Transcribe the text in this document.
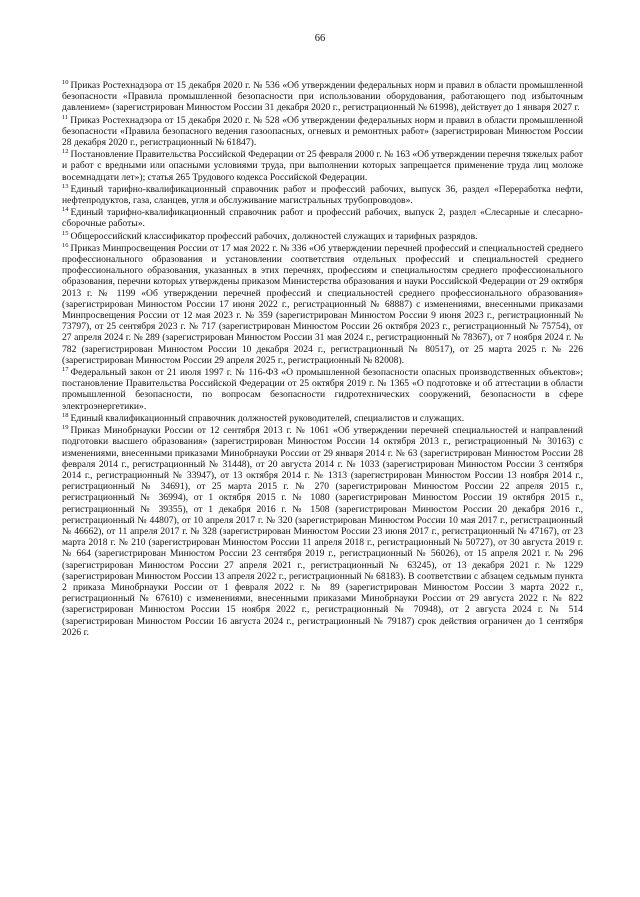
66

$^{10}$ Приказ Ростехнадзора от 15 декабря 2020 г. № 536 «Об утверждении федеральных норм и правил в области промышленной безопасности «Правила промышленной безопасности при использовании оборудования, работающего под избыточным давлением» (зарегистрирован Минюстом России 31 декабря 2020 г., регистрационный № 61998), действует до 1 января 2027 г.

$^{11}$ Приказ Ростехнадзора от 15 декабря 2020 г. № 528 «Об утверждении федеральных норм и правил в области промышленной безопасности «Правила безопасного ведения газоопасных, огневых и ремонтных работ» (зарегистрирован Минюстом России 28 декабря 2020 г., регистрационный № 61847).

$^{12}$ Постановление Правительства Российской Федерации от 25 февраля 2000 г. № 163 «Об утверждении перечня тяжелых работ и работ с вредными или опасными условиями труда, при выполнении которых запрещается применение труда лиц моложе восемнадцати лет»); статья 265 Трудового кодекса Российской Федерации.

$^{13}$ Единый тарифно-квалификационный справочник работ и профессий рабочих, выпуск 36, раздел «Переработка нефти, нефтепродуктов, газа, сланцев, угля и обслуживание магистральных трубопроводов».

$^{14}$ Единый тарифно-квалификационный справочник работ и профессий рабочих, выпуск 2, раздел «Слесарные и слесарно-сборочные работы».

$^{15}$ Общероссийский классификатор профессий рабочих, должностей служащих и тарифных разрядов.

$^{16}$ Приказ Минпросвещения России от 17 мая 2022 г. № 336 «Об утверждении перечней профессий и специальностей среднего профессионального образования и установлении соответствия отдельных профессий и специальностей среднего профессионального образования, указанных в этих перечнях, профессиям и специальностям среднего профессионального образования, перечни которых утверждены приказом Министерства образования и науки Российской Федерации от 29 октября 2013 г. № 1199 «Об утверждении перечней профессий и специальностей среднего профессионального образования» (зарегистрирован Минюстом России 17 июня 2022 г., регистрационный № 68887) с изменениями, внесенными приказами Минпросвещения России от 12 мая 2023 г. № 359 (зарегистрирован Минюстом России 9 июня 2023 г., регистрационный № 73797), от 25 сентября 2023 г. № 717 (зарегистрирован Минюстом России 26 октября 2023 г., регистрационный № 75754), от 27 апреля 2024 г. № 289 (зарегистрирован Минюстом России 31 мая 2024 г., регистрационный № 78367), от 7 ноября 2024 г. № 782 (зарегистрирован Минюстом России 10 декабря 2024 г., регистрационный № 80517), от 25 марта 2025 г. № 226 (зарегистрирован Минюстом России 29 апреля 2025 г., регистрационный № 82008).

$^{17}$ Федеральный закон от 21 июля 1997 г. № 116-ФЗ «О промышленной безопасности опасных производственных объектов»; постановление Правительства Российской Федерации от 25 октября 2019 г. № 1365 «О подготовке и об аттестации в области промышленной безопасности, по вопросам безопасности гидротехнических сооружений, безопасности в сфере электроэнергетики».

$^{18}$ Единый квалификационный справочник должностей руководителей, специалистов и служащих.

$^{19}$ Приказ Минобрнауки России от 12 сентября 2013 г. № 1061 «Об утверждении перечней специальностей и направлений подготовки высшего образования» (зарегистрирован Минюстом России 14 октября 2013 г., регистрационный № 30163) с изменениями, внесенными приказами Минобрнауки России от 29 января 2014 г. № 63 (зарегистрирован Минюстом России 28 февраля 2014 г., регистрационный № 31448), от 20 августа 2014 г. № 1033 (зарегистрирован Минюстом России 3 сентября 2014 г., регистрационный № 33947), от 13 октября 2014 г. № 1313 (зарегистрирован Минюстом России 13 ноября 2014 г., регистрационный № 34691), от 25 марта 2015 г. № 270 (зарегистрирован Минюстом России 22 апреля 2015 г., регистрационный № 36994), от 1 октября 2015 г. № 1080 (зарегистрирован Минюстом России 19 октября 2015 г., регистрационный № 39355), от 1 декабря 2016 г. № 1508 (зарегистрирован Минюстом России 20 декабря 2016 г., регистрационный № 44807), от 10 апреля 2017 г. № 320 (зарегистрирован Минюстом России 10 мая 2017 г., регистрационный № 46662), от 11 апреля 2017 г. № 328 (зарегистрирован Минюстом России 23 июня 2017 г., регистрационный № 47167), от 23 марта 2018 г. № 210 (зарегистрирован Минюстом России 11 апреля 2018 г., регистрационный № 50727), от 30 августа 2019 г. № 664 (зарегистрирован Минюстом России 23 сентября 2019 г., регистрационный № 56026), от 15 апреля 2021 г. № 296 (зарегистрирован Минюстом России 27 апреля 2021 г., регистрационный № 63245), от 13 декабря 2021 г. № 1229 (зарегистрирован Минюстом России 13 апреля 2022 г., регистрационный № 68183). В соответствии с абзацем седьмым пункта 2 приказа Минобрнауки России от 1 февраля 2022 г. № 89 (зарегистрирован Минюстом России 3 марта 2022 г., регистрационный № 67610) с изменениями, внесенными приказами Минобрнауки России от 29 августа 2022 г. № 822 (зарегистрирован Минюстом России 15 ноября 2022 г., регистрационный № 70948), от 2 августа 2024 г. № 514 (зарегистрирован Минюстом России 16 августа 2024 г., регистрационный № 79187) срок действия ограничен до 1 сентября 2026 г.
